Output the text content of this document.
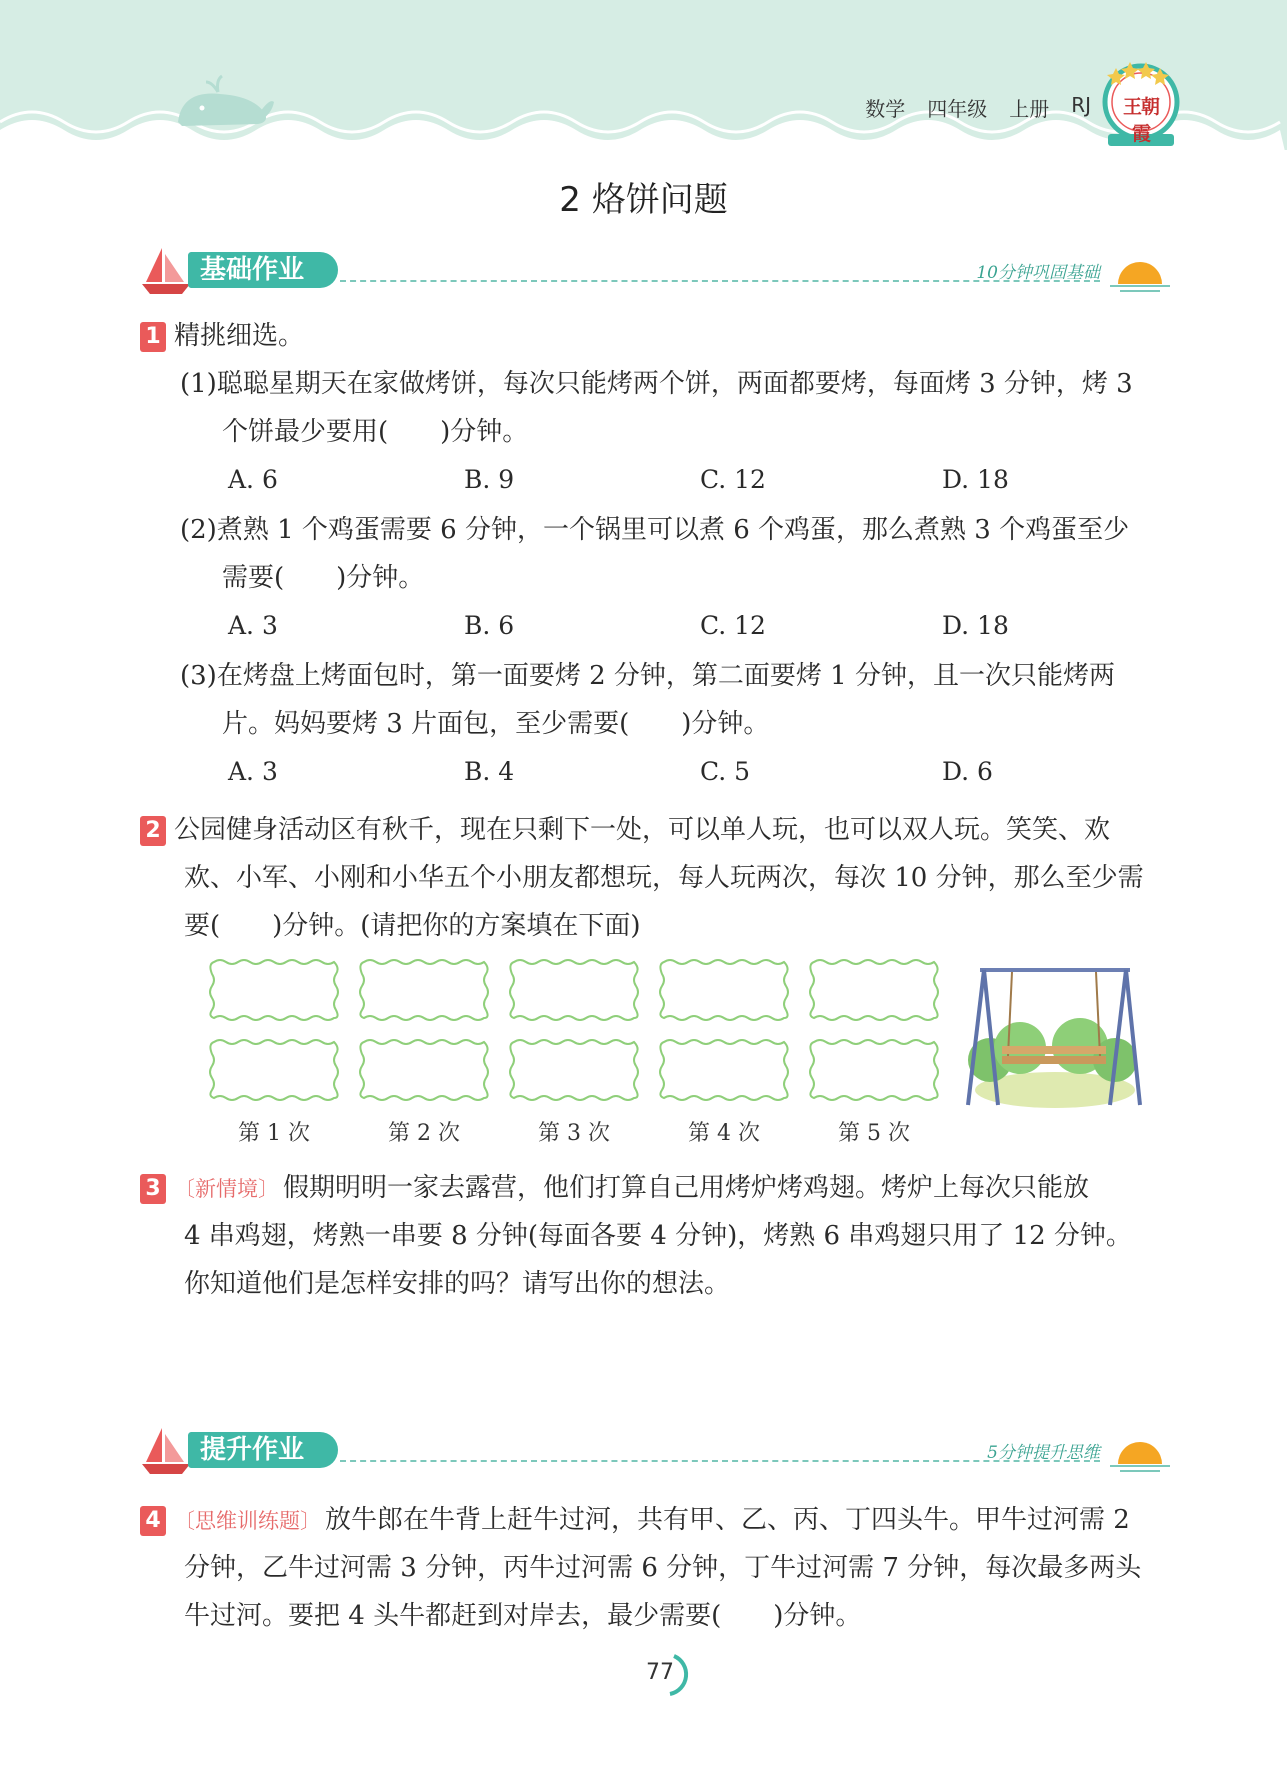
数学 四年级 上册 RJ	王朝霞
2 烙饼问题
基础作业	10分钟巩固基础
1 精挑细选。
(1)聪聪星期天在家做烤饼，每次只能烤两个饼，两面都要烤，每面烤 3 分钟，烤 3
个饼最少要用(　　)分钟。
A. 6	B. 9	C. 12	D. 18
(2)煮熟 1 个鸡蛋需要 6 分钟，一个锅里可以煮 6 个鸡蛋，那么煮熟 3 个鸡蛋至少
需要(　　)分钟。
A. 3	B. 6	C. 12	D. 18
(3)在烤盘上烤面包时，第一面要烤 2 分钟，第二面要烤 1 分钟，且一次只能烤两
片。妈妈要烤 3 片面包，至少需要(　　)分钟。
A. 3	B. 4	C. 5	D. 6
2 公园健身活动区有秋千，现在只剩下一处，可以单人玩，也可以双人玩。笑笑、欢
欢、小军、小刚和小华五个小朋友都想玩，每人玩两次，每次 10 分钟，那么至少需
要(　　)分钟。(请把你的方案填在下面)
第 1 次	第 2 次	第 3 次	第 4 次	第 5 次
3 〔新情境〕 假期明明一家去露营，他们打算自己用烤炉烤鸡翅。烤炉上每次只能放
4 串鸡翅，烤熟一串要 8 分钟(每面各要 4 分钟)，烤熟 6 串鸡翅只用了 12 分钟。
你知道他们是怎样安排的吗？请写出你的想法。
提升作业	5分钟提升思维
4 〔思维训练题〕 放牛郎在牛背上赶牛过河，共有甲、乙、丙、丁四头牛。甲牛过河需 2
分钟，乙牛过河需 3 分钟，丙牛过河需 6 分钟，丁牛过河需 7 分钟，每次最多两头
牛过河。要把 4 头牛都赶到对岸去，最少需要(　　)分钟。
77
